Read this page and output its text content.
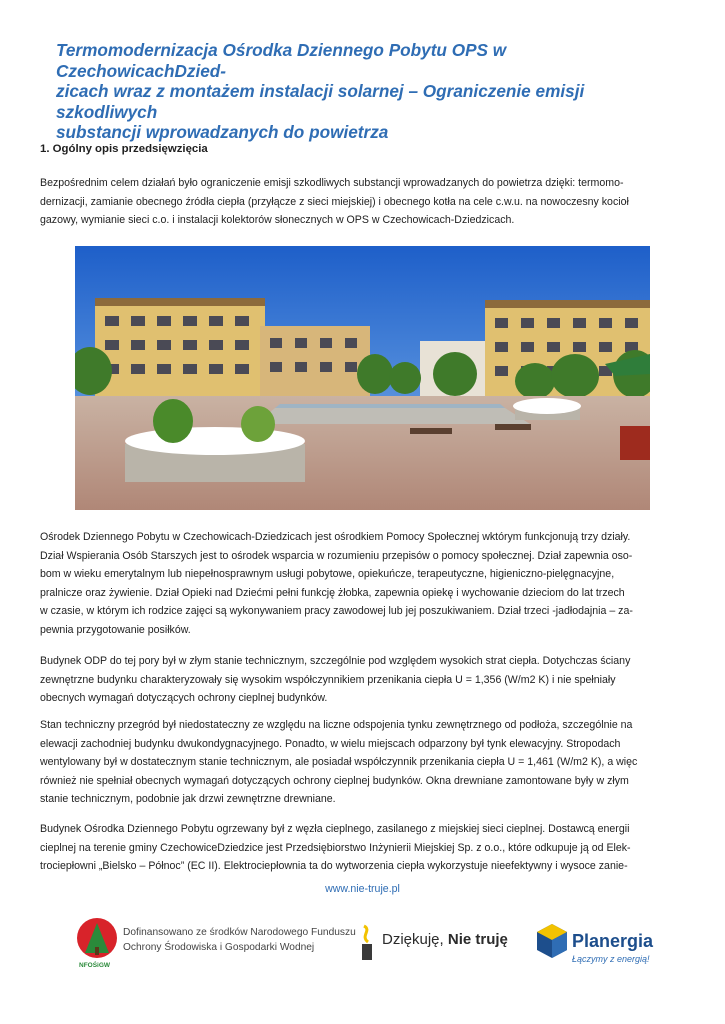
Termomodernizacja Ośrodka Dziennego Pobytu OPS w CzechowicachDzied-
zicach wraz z montażem instalacji solarnej – Ograniczenie emisji szkodliwych
substancji wprowadzanych do powietrza
1. Ogólny opis przedsięwzięcia
Bezpośrednim celem działań było ograniczenie emisji szkodliwych substancji wprowadzanych do powietrza dzięki: termomo-
dernizacji, zamianie obecnego źródła ciepła (przyłącze z sieci miejskiej) i obecnego kotła na cele c.w.u. na nowoczesny kocioł
gazowy, wymianie sieci c.o. i instalacji kolektorów słonecznych w OPS w Czechowicach-Dziedzicach.
Ośrodek Dziennego Pobytu w Czechowicach-Dziedzicach jest ośrodkiem Pomocy Społecznej wktórym funkcjonują trzy działy.
Dział Wspierania Osób Starszych jest to ośrodek wsparcia w rozumieniu przepisów o pomocy społecznej. Dział zapewnia oso-
bom w wieku emerytalnym lub niepełnosprawnym usługi pobytowe, opiekuńcze, terapeutyczne, higieniczno-pielęgnacyjne,
pralnicze oraz żywienie. Dział Opieki nad Dziećmi pełni funkcję żłobka, zapewnia opiekę i wychowanie dzieciom do lat trzech
w czasie, w którym ich rodzice zajęci są wykonywaniem pracy zawodowej lub jej poszukiwaniem. Dział trzeci -jadłodajnia – za-
pewnia przygotowanie posiłków.
Budynek ODP do tej pory był w złym stanie technicznym, szczególnie pod względem wysokich strat ciepła. Dotychczas ściany
zewnętrzne budynku charakteryzowały się wysokim współczynnikiem przenikania ciepła U = 1,356 (W/m2 K) i nie spełniały
obecnych wymagań dotyczących ochrony cieplnej budynków.
Stan techniczny przegród był niedostateczny ze względu na liczne odspojenia tynku zewnętrznego od podłoża, szczególnie na
elewacji zachodniej budynku dwukondygnacyjnego. Ponadto, w wielu miejscach odparzony był tynk elewacyjny. Stropodach
wentylowany był w dostatecznym stanie technicznym, ale posiadał współczynnik przenikania ciepła U = 1,461 (W/m2 K), a więc
również nie spełniał obecnych wymagań dotyczących ochrony cieplnej budynków. Okna drewniane zamontowane były w złym
stanie technicznym, podobnie jak drzwi zewnętrzne drewniane.
Budynek Ośrodka Dziennego Pobytu ogrzewany był z węzła cieplnego, zasilanego z miejskiej sieci cieplnej. Dostawcą energii
cieplnej na terenie gminy CzechowiceDziedzice jest Przedsiębiorstwo Inżynierii Miejskiej Sp. z o.o., które odkupuje ją od Elek-
trociepłowni „Bielsko – Północ” (EC II). Elektrociepłownia ta do wytworzenia ciepła wykorzystuje nieefektywny i wysoce zanie-
www.nie-truje.pl
NFOŚiGW
Dofinansowano ze środków Narodowego Funduszu
Ochrony Środowiska i Gospodarki Wodnej	Dziękuję, Nie truję	Planergia
Łączymy z energią!
